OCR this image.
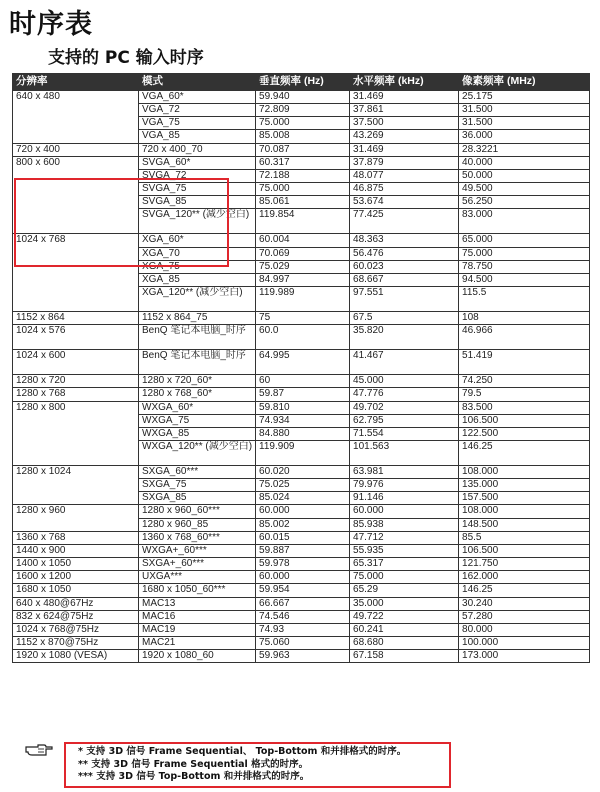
时序表
支持的 PC 输入时序
分辨率	模式	垂直频率 (Hz)	水平频率 (kHz)	像素频率 (MHz)
640 x 480	VGA_60*	59.940	31.469	25.175
	VGA_72	72.809	37.861	31.500
	VGA_75	75.000	37.500	31.500
	VGA_85	85.008	43.269	36.000
720 x 400	720 x 400_70	70.087	31.469	28.3221
800 x 600	SVGA_60*	60.317	37.879	40.000
	SVGA_72	72.188	48.077	50.000
	SVGA_75	75.000	46.875	49.500
	SVGA_85	85.061	53.674	56.250
	SVGA_120** (减少空白)	119.854	77.425	83.000
1024 x 768	XGA_60*	60.004	48.363	65.000
	XGA_70	70.069	56.476	75.000
	XGA_75	75.029	60.023	78.750
	XGA_85	84.997	68.667	94.500
	XGA_120** (减少空白)	119.989	97.551	115.5
1152 x 864	1152 x 864_75	75	67.5	108
1024 x 576	BenQ 笔记本电脑_时序	60.0	35.820	46.966
1024 x 600	BenQ 笔记本电脑_时序	64.995	41.467	51.419
1280 x 720	1280 x 720_60*	60	45.000	74.250
1280 x 768	1280 x 768_60*	59.87	47.776	79.5
1280 x 800	WXGA_60*	59.810	49.702	83.500
	WXGA_75	74.934	62.795	106.500
	WXGA_85	84.880	71.554	122.500
	WXGA_120** (减少空白)	119.909	101.563	146.25
1280 x 1024	SXGA_60***	60.020	63.981	108.000
	SXGA_75	75.025	79.976	135.000
	SXGA_85	85.024	91.146	157.500
1280 x 960	1280 x 960_60***	60.000	60.000	108.000
	1280 x 960_85	85.002	85.938	148.500
1360 x 768	1360 x 768_60***	60.015	47.712	85.5
1440 x 900	WXGA+_60***	59.887	55.935	106.500
1400 x 1050	SXGA+_60***	59.978	65.317	121.750
1600 x 1200	UXGA***	60.000	75.000	162.000
1680 x 1050	1680 x 1050_60***	59.954	65.29	146.25
640 x 480@67Hz	MAC13	66.667	35.000	30.240
832 x 624@75Hz	MAC16	74.546	49.722	57.280
1024 x 768@75Hz	MAC19	74.93	60.241	80.000
1152 x 870@75Hz	MAC21	75.060	68.680	100.000
1920 x 1080 (VESA)	1920 x 1080_60	59.963	67.158	173.000
* 支持 3D 信号 Frame Sequential、 Top-Bottom 和并排格式的时序。
** 支持 3D 信号 Frame Sequential 格式的时序。
*** 支持 3D 信号 Top-Bottom 和并排格式的时序。
